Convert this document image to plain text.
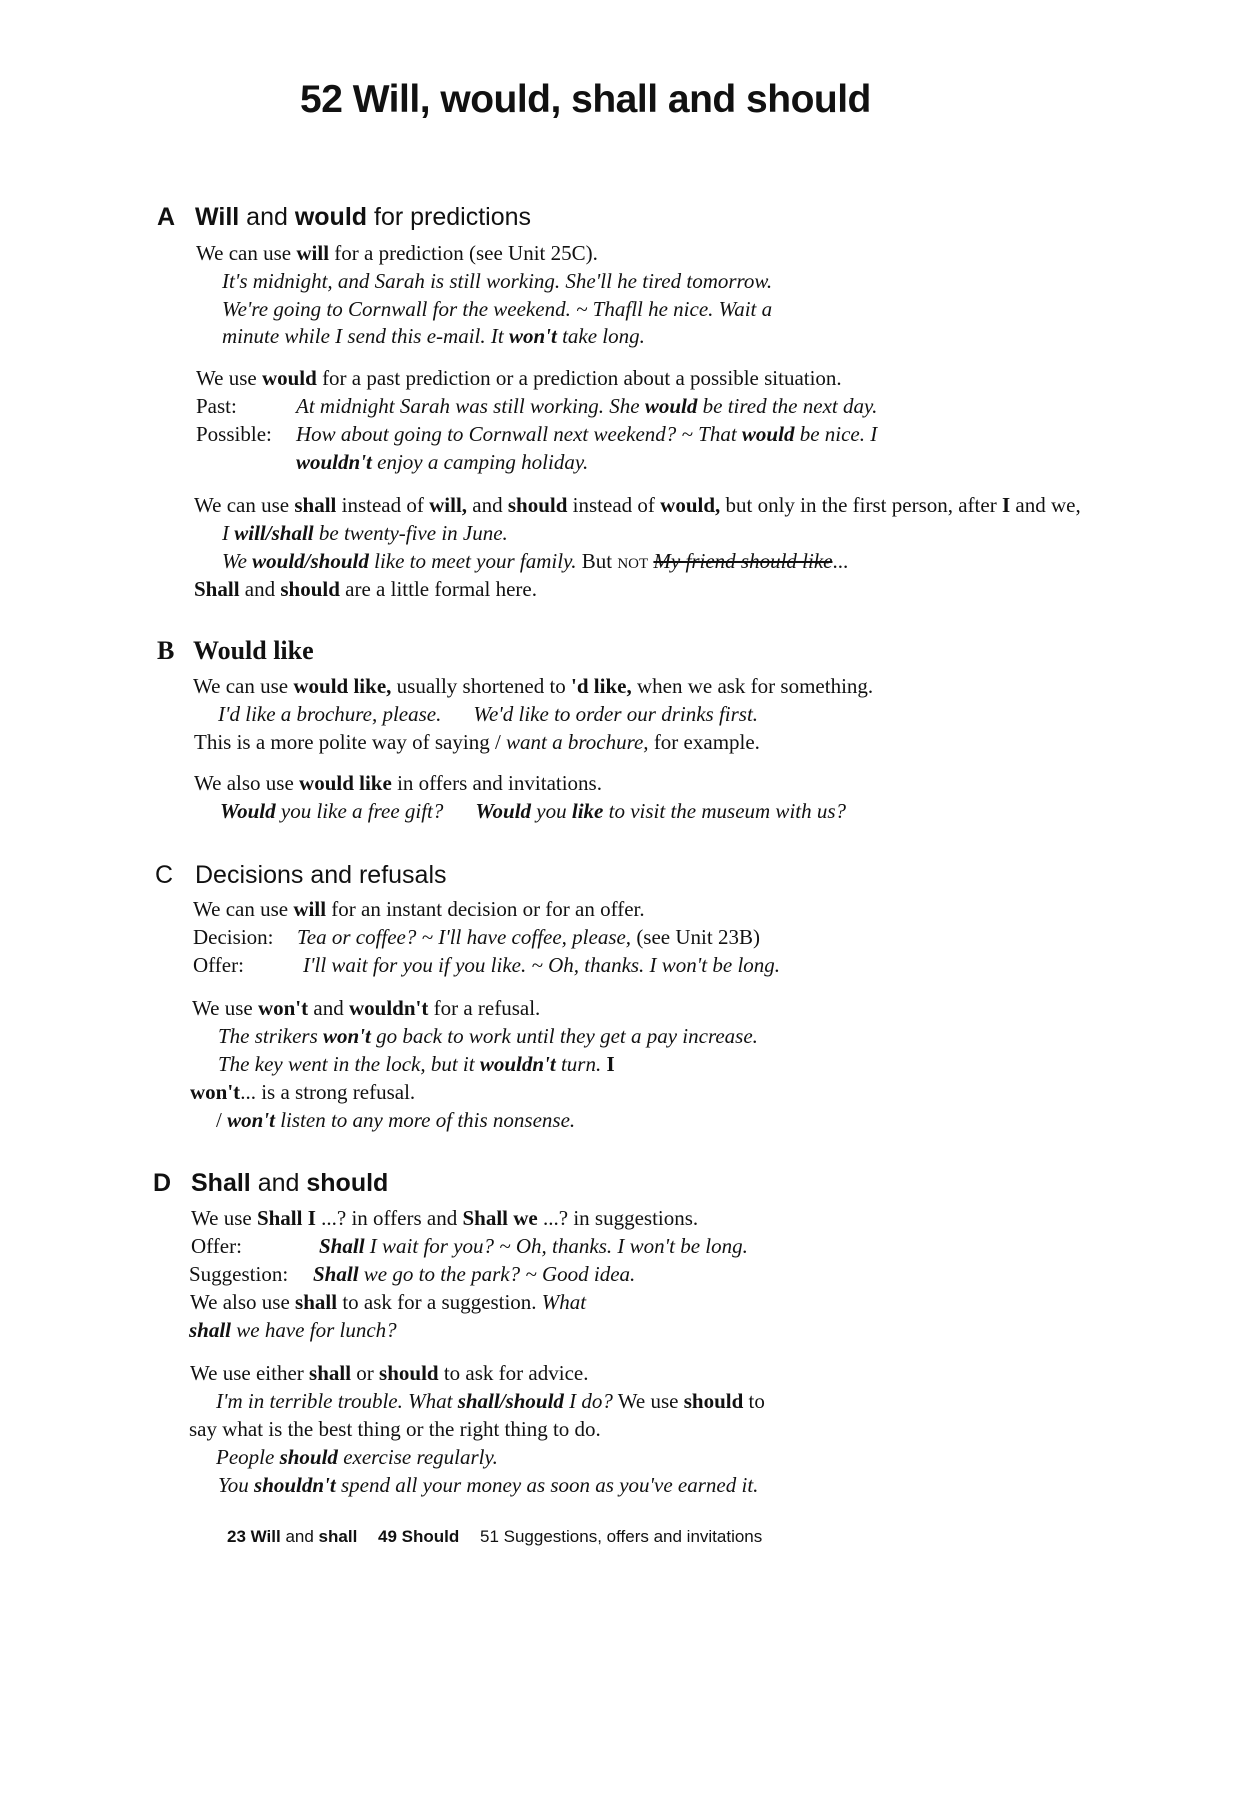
52 Will, would, shall and should
A Will and would for predictions
We can use will for a prediction (see Unit 25C).
It's midnight, and Sarah is still working. She'll he tired tomorrow.
We're going to Cornwall for the weekend. ~ Thafll he nice. Wait a
minute while I send this e-mail. It won't take long.
We use would for a past prediction or a prediction about a possible situation.
Past:	At midnight Sarah was still working. She would be tired the next day.
Possible: How about going to Cornwall next weekend? ~ That would be nice. I
wouldn't enjoy a camping holiday.
We can use shall instead of will, and should instead of would, but only in the first person, after I and we,
I will/shall be twenty-five in June.
We would/should like to meet your family. But NOT My friend should like...
Shall and should are a little formal here.
B Would like
We can use would like, usually shortened to 'd like, when we ask for something.
I'd like a brochure, please. We'd like to order our drinks first.
This is a more polite way of saying / want a brochure, for example.
We also use would like in offers and invitations.
Would you like a free gift? Would you like to visit the museum with us?
C Decisions and refusals
We can use will for an instant decision or for an offer.
Decision: Tea or coffee? ~ I'll have coffee, please, (see Unit 23B)
Offer:	I'll wait for you if you like. ~ Oh, thanks. I won't be long.
We use won't and wouldn't for a refusal.
The strikers won't go back to work until they get a pay increase.
The key went in the lock, but it wouldn't turn. I
won't... is a strong refusal.
/ won't listen to any more of this nonsense.
D Shall and should
We use Shall I ...? in offers and Shall we ...? in suggestions.
Offer:	Shall I wait for you? ~ Oh, thanks. I won't be long.
Suggestion: Shall we go to the park? ~ Good idea.
We also use shall to ask for a suggestion. What
shall we have for lunch?
We use either shall or should to ask for advice.
I'm in terrible trouble. What shall/should I do? We use should to
say what is the best thing or the right thing to do.
People should exercise regularly.
You shouldn't spend all your money as soon as you've earned it.
23 Will and shall 49 Should 51 Suggestions, offers and invitations
